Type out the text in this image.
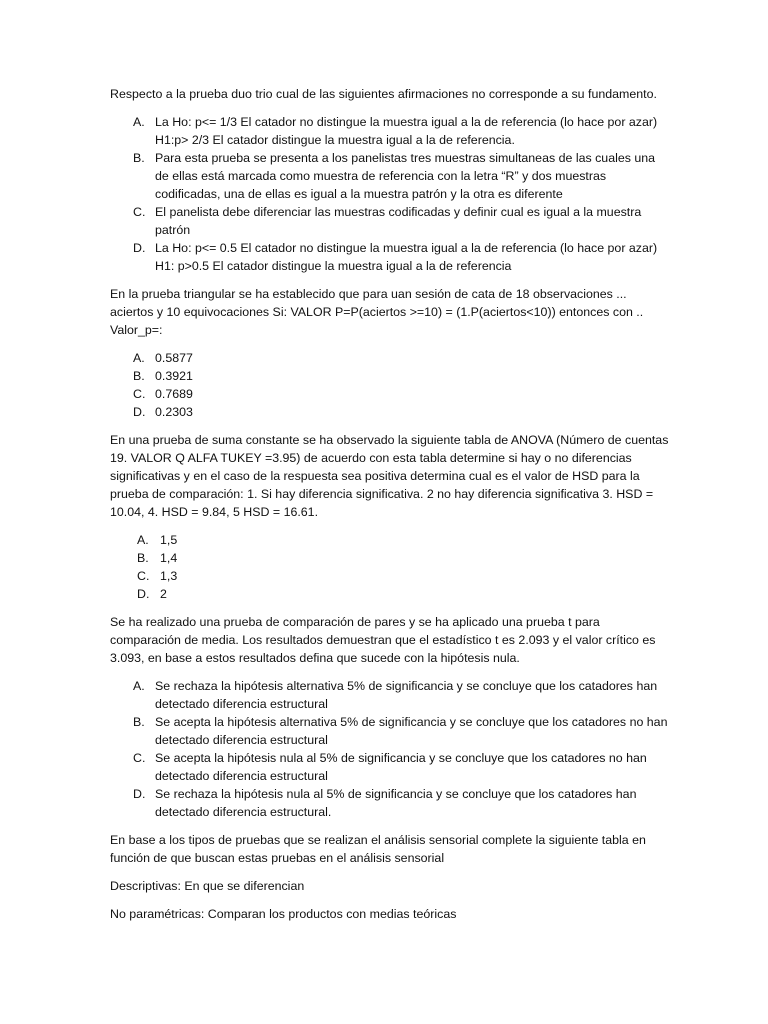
Respecto a la prueba duo trio cual de las siguientes afirmaciones no corresponde a su fundamento.

A. La Ho: p<= 1/3 El catador no distingue la muestra igual a la de referencia (lo hace por azar) H1:p> 2/3 El catador distingue la muestra igual a la de referencia.
B. Para esta prueba se presenta a los panelistas tres muestras simultaneas de las cuales una de ellas está marcada como muestra de referencia con la letra “R” y dos muestras codificadas, una de ellas es igual a la muestra patrón y la otra es diferente
C. El panelista debe diferenciar las muestras codificadas y definir cual es igual a la muestra patrón
D. La Ho: p<= 0.5 El catador no distingue la muestra igual a la de referencia (lo hace por azar) H1: p>0.5 El catador distingue la muestra igual a la de referencia

En la prueba triangular se ha establecido que para uan sesión de cata de 18 observaciones ... aciertos y 10 equivocaciones Si: VALOR P=P(aciertos >=10) = (1.P(aciertos<10)) entonces con .. Valor_p=:

A. 0.5877
B. 0.3921
C. 0.7689
D. 0.2303

En una prueba de suma constante se ha observado la siguiente tabla de ANOVA (Número de cuentas 19. VALOR Q ALFA TUKEY =3.95) de acuerdo con esta tabla determine si hay o no diferencias significativas y en el caso de la respuesta sea positiva determina cual es el valor de HSD para la prueba de comparación: 1. Si hay diferencia significativa. 2 no hay diferencia significativa 3. HSD = 10.04, 4. HSD = 9.84, 5 HSD = 16.61.

A. 1,5
B. 1,4
C. 1,3
D. 2

Se ha realizado una prueba de comparación de pares y se ha aplicado una prueba t para comparación de media. Los resultados demuestran que el estadístico t es 2.093 y el valor crítico es 3.093, en base a estos resultados defina que sucede con la hipótesis nula.

A. Se rechaza la hipótesis alternativa 5% de significancia y se concluye que los catadores han detectado diferencia estructural
B. Se acepta la hipótesis alternativa 5% de significancia y se concluye que los catadores no han detectado diferencia estructural
C. Se acepta la hipótesis nula al 5% de significancia y se concluye que los catadores no han detectado diferencia estructural
D. Se rechaza la hipótesis nula al 5% de significancia y se concluye que los catadores han detectado diferencia estructural.

En base a los tipos de pruebas que se realizan el análisis sensorial complete la siguiente tabla en función de que buscan estas pruebas en el análisis sensorial

Descriptivas: En que se diferencian

No paramétricas: Comparan los productos con medias teóricas
